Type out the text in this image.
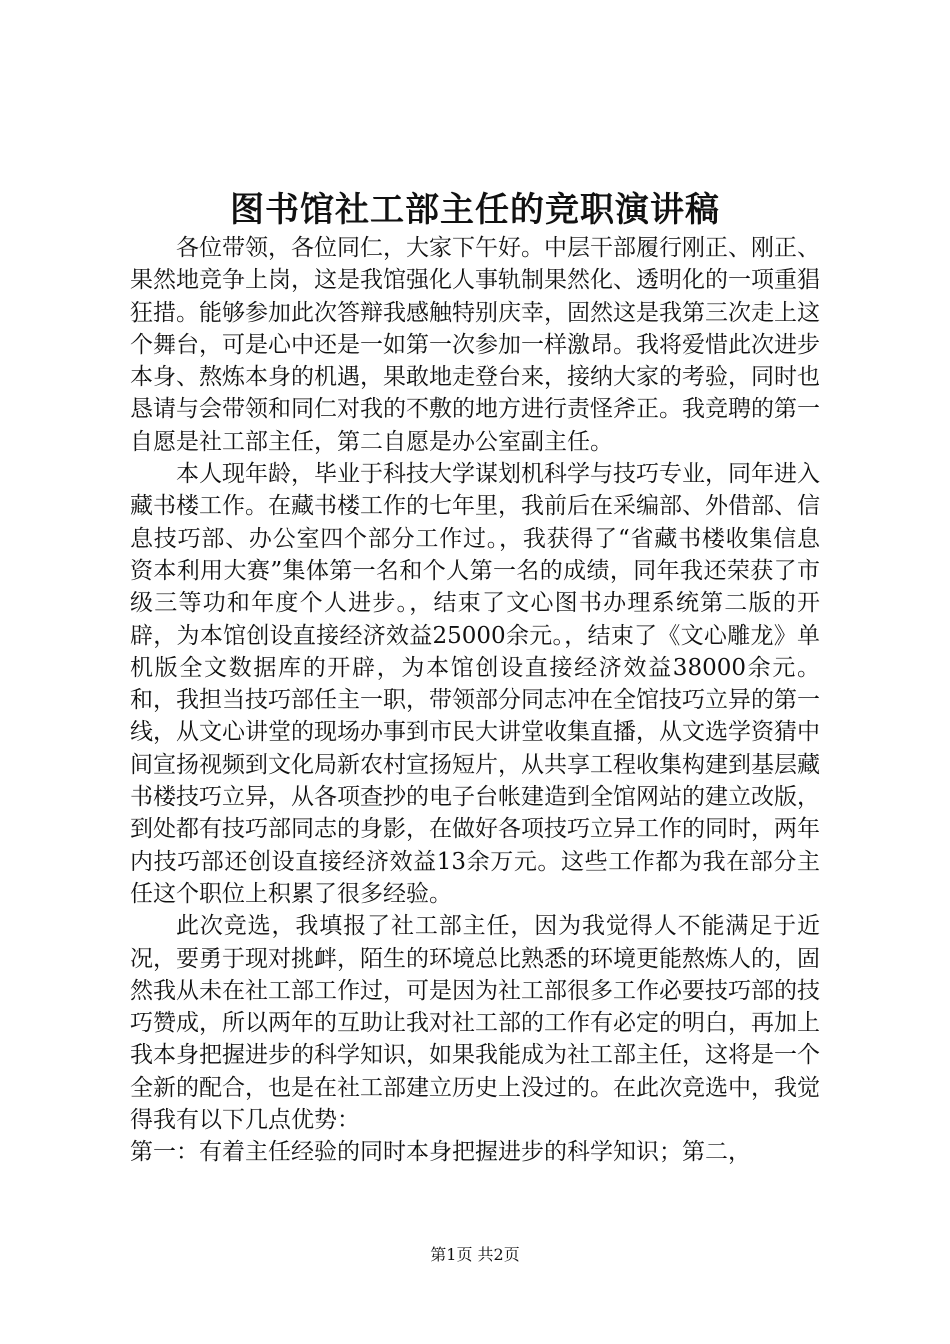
图书馆社工部主任的竞职演讲稿

各位带领，各位同仁，大家下午好。中层干部履行刚正、刚正、果然地竞争上岗，这是我馆强化人事轨制果然化、透明化的一项重猖狂措。能够参加此次答辩我感触特别庆幸，固然这是我第三次走上这个舞台，可是心中还是一如第一次参加一样激昂。我将爱惜此次进步本身、熬炼本身的机遇，果敢地走登台来，接纳大家的考验，同时也恳请与会带领和同仁对我的不敷的地方进行责怪斧正。我竞聘的第一自愿是社工部主任，第二自愿是办公室副主任。

本人现年龄，毕业于科技大学谋划机科学与技巧专业，同年进入藏书楼工作。在藏书楼工作的七年里，我前后在采编部、外借部、信息技巧部、办公室四个部分工作过。，我获得了“省藏书楼收集信息资本利用大赛”集体第一名和个人第一名的成绩，同年我还荣获了市级三等功和年度个人进步。，结束了文心图书办理系统第二版的开辟，为本馆创设直接经济效益25000余元。，结束了《文心雕龙》单机版全文数据库的开辟，为本馆创设直接经济效益38000余元。和，我担当技巧部任主一职，带领部分同志冲在全馆技巧立异的第一线，从文心讲堂的现场办事到市民大讲堂收集直播，从文选学资猜中间宣扬视频到文化局新农村宣扬短片，从共享工程收集构建到基层藏书楼技巧立异，从各项查抄的电子台帐建造到全馆网站的建立改版，到处都有技巧部同志的身影，在做好各项技巧立异工作的同时，两年内技巧部还创设直接经济效益13余万元。这些工作都为我在部分主任这个职位上积累了很多经验。

此次竞选，我填报了社工部主任，因为我觉得人不能满足于近况，要勇于现对挑衅，陌生的环境总比熟悉的环境更能熬炼人的，固然我从未在社工部工作过，可是因为社工部很多工作必要技巧部的技巧赞成，所以两年的互助让我对社工部的工作有必定的明白，再加上我本身把握进步的科学知识，如果我能成为社工部主任，这将是一个全新的配合，也是在社工部建立历史上没过的。在此次竞选中，我觉得我有以下几点优势：

第一：有着主任经验的同时本身把握进步的科学知识；第二，

第1页 共2页
